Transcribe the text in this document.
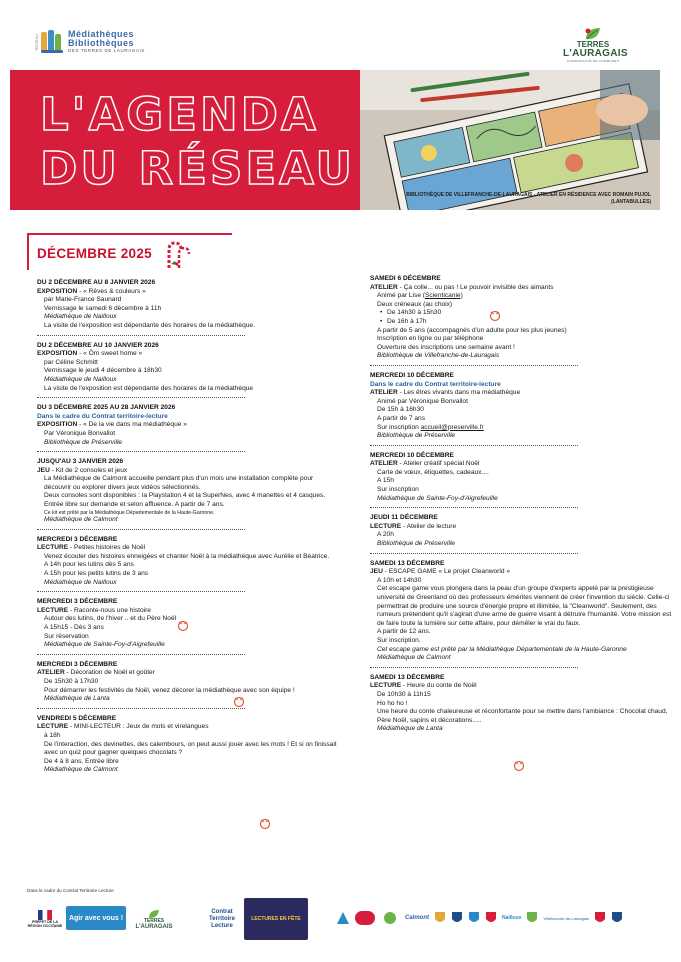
RÉSEAU	Médiathèques
Bibliothèques
DES TERRES DE LAURAGAIS
TERRES
L'AURAGAIS
COMMUNAUTÉ DE COMMUNES
L'AGENDA
DU RÉSEAU	BIBLIOTHÈQUE DE VILLEFRANCHE-DE-LAURAGAIS - ATELIER EN RÉSIDENCE AVEC ROMAIN PUJOL
(LANTABULLES)
DÉCEMBRE 2025
DU 2 DÉCEMBRE AU 8 JANVIER 2026
EXPOSITION - « Rêves & couleurs »
par Marie-France Saunard
Vernissage le samedi 6 décembre à 11h
Médiathèque de Nailloux
La visite de l'exposition est dépendante des horaires de la médiathèque.
DU 2 DÉCEMBRE AU 10 JANVIER 2026
EXPOSITION - « Ôm sweet home »
par Céline Schmitt
Vernissage le jeudi 4 décembre à 18h30
Médiathèque de Nailloux
La visite de l'exposition est dépendante des horaires de la médiathèque
DU 3 DÉCEMBRE 2025 AU 28 JANVIER 2026
Dans le cadre du Contrat territoire-lecture
EXPOSITION - « De la vie dans ma médiathèque »
Par Véronique Bonvallot
Bibliothèque de Préserville
JUSQU'AU 3 JANVIER 2026
JEU - Kit de 2 consoles et jeux
La Médiathèque de Calmont accueille pendant plus d'un mois une installation complète pour découvrir ou explorer divers jeux vidéos sélectionnés.
Deux consoles sont disponibles : la Playstation 4 et la SuperNes, avec 4 manettes et 4 casques.
Entrée libre sur demande et selon affluence. A partir de 7 ans.
Ce kit est prêté par la Médiathèque Départementale de la Haute-Garonne.
Médiathèque de Calmont
MERCREDI 3 DÉCEMBRE
LECTURE - Petites histoires de Noël
Venez écouter des histoires enneigées et chanter Noël à la médiathèque avec Aurélie et Béatrice.
A 14h pour les lutins dès 5 ans
A 15h pour les petits lutins de 3 ans
Médiathèque de Nailloux
MERCREDI 3 DÉCEMBRE
LECTURE - Raconte-nous une histoire
Autour des lutins, de l'hiver .. et du Père Noël
A 15h15 - Dès 3 ans
Sur réservation
Médiathèque de Sainte-Foy-d'Aigrefeuille
MERCREDI 3 DÉCEMBRE
ATELIER - Décoration de Noël et goûter
De 15h30 à 17h30
Pour démarrer les festivités de Noël, venez décorer la médiathèque avec son équipe !
Médiathèque de Lanta
VENDREDI 5 DÉCEMBRE
LECTURE - MINI-LECTEUR : Jeux de mots et virelangues
à 18h
De l'interaction, des devinettes, des calembours, on peut aussi jouer avec les mots ! Et si on finissait avec un quiz pour gagner quelques chocolats ?
De 4 à 8 ans. Entrée libre
Médiathèque de Calmont
SAMEDI 6 DÉCEMBRE
ATELIER - Ça colle... ou pas ! Le pouvoir invisible des aimants
Animé par Lise (Scienticanie)
Deux créneaux (au choix)
• De 14h30 à 15h30
• De 16h à 17h
A partir de 5 ans (accompagnés d'un adulte pour les plus jeunes)
Inscription en ligne ou par téléphone
Ouverture des inscriptions une semaine avant !
Bibliothèque de Villefranche-de-Lauragais
MERCREDI 10 DÉCEMBRE
Dans le cadre du Contrat territoire-lecture
ATELIER - Les êtres vivants dans ma médiathèque
Animé par Véronique Bonvallot
De 15h à 16h30
A partir de 7 ans
Sur inscription accueil@preserville.fr
Bibliothèque de Préserville
MERCREDI 10 DÉCEMBRE
ATELIER - Atelier créatif spécial Noël
Carte de vœux, étiquettes, cadeaux....
A 15h
Sur inscription
Médiathèque de Sainte-Foy-d'Aigrefeuille
JEUDI 11 DÉCEMBRE
LECTURE - Atelier de lecture
A 20h
Bibliothèque de Préserville
SAMEDI 13 DÉCEMBRE
JEU - ESCAPE GAME « Le projet Cleanworld »
A 10h et 14h30
Cet escape game vous plongera dans la peau d'un groupe d'experts appelé par la prestigieuse université de Greenland où des professeurs émérites viennent de créer l'invention du siècle. Celle-ci permettrait de produire une source d'énergie propre et illimitée, la "Cleanworld". Seulement, des rumeurs prétendent qu'il s'agirait d'une arme de guerre visant à détruire l'humanité. Votre mission est de faire toute la lumière sur cette affaire, pour démêler le vrai du faux.
A partir de 12 ans.
Sur inscription.
Cet escape game est prêté par la Médiathèque Départementale de la Haute-Garonne
Médiathèque de Calmont
SAMEDI 13 DÉCEMBRE
LECTURE - Heure du conte de Noël
De 10h30 à 11h15
Ho ho ho !
Une heure du conte chaleureuse et réconfortante pour se mettre dans l'ambiance : Chocolat chaud, Père Noël, sapins et décorations.....
Médiathèque de Lanta
Dans le cadre du Contrat Territoire Lecture
PRÉFET DE LA RÉGION OCCITANIE
Agir avec vous !	TERRES
L'AURAGAIS
Contrat
Territoire
Lecture
LECTURES EN FÊTE	Calmont	Nailloux	Villefranche-de-Lauragais
